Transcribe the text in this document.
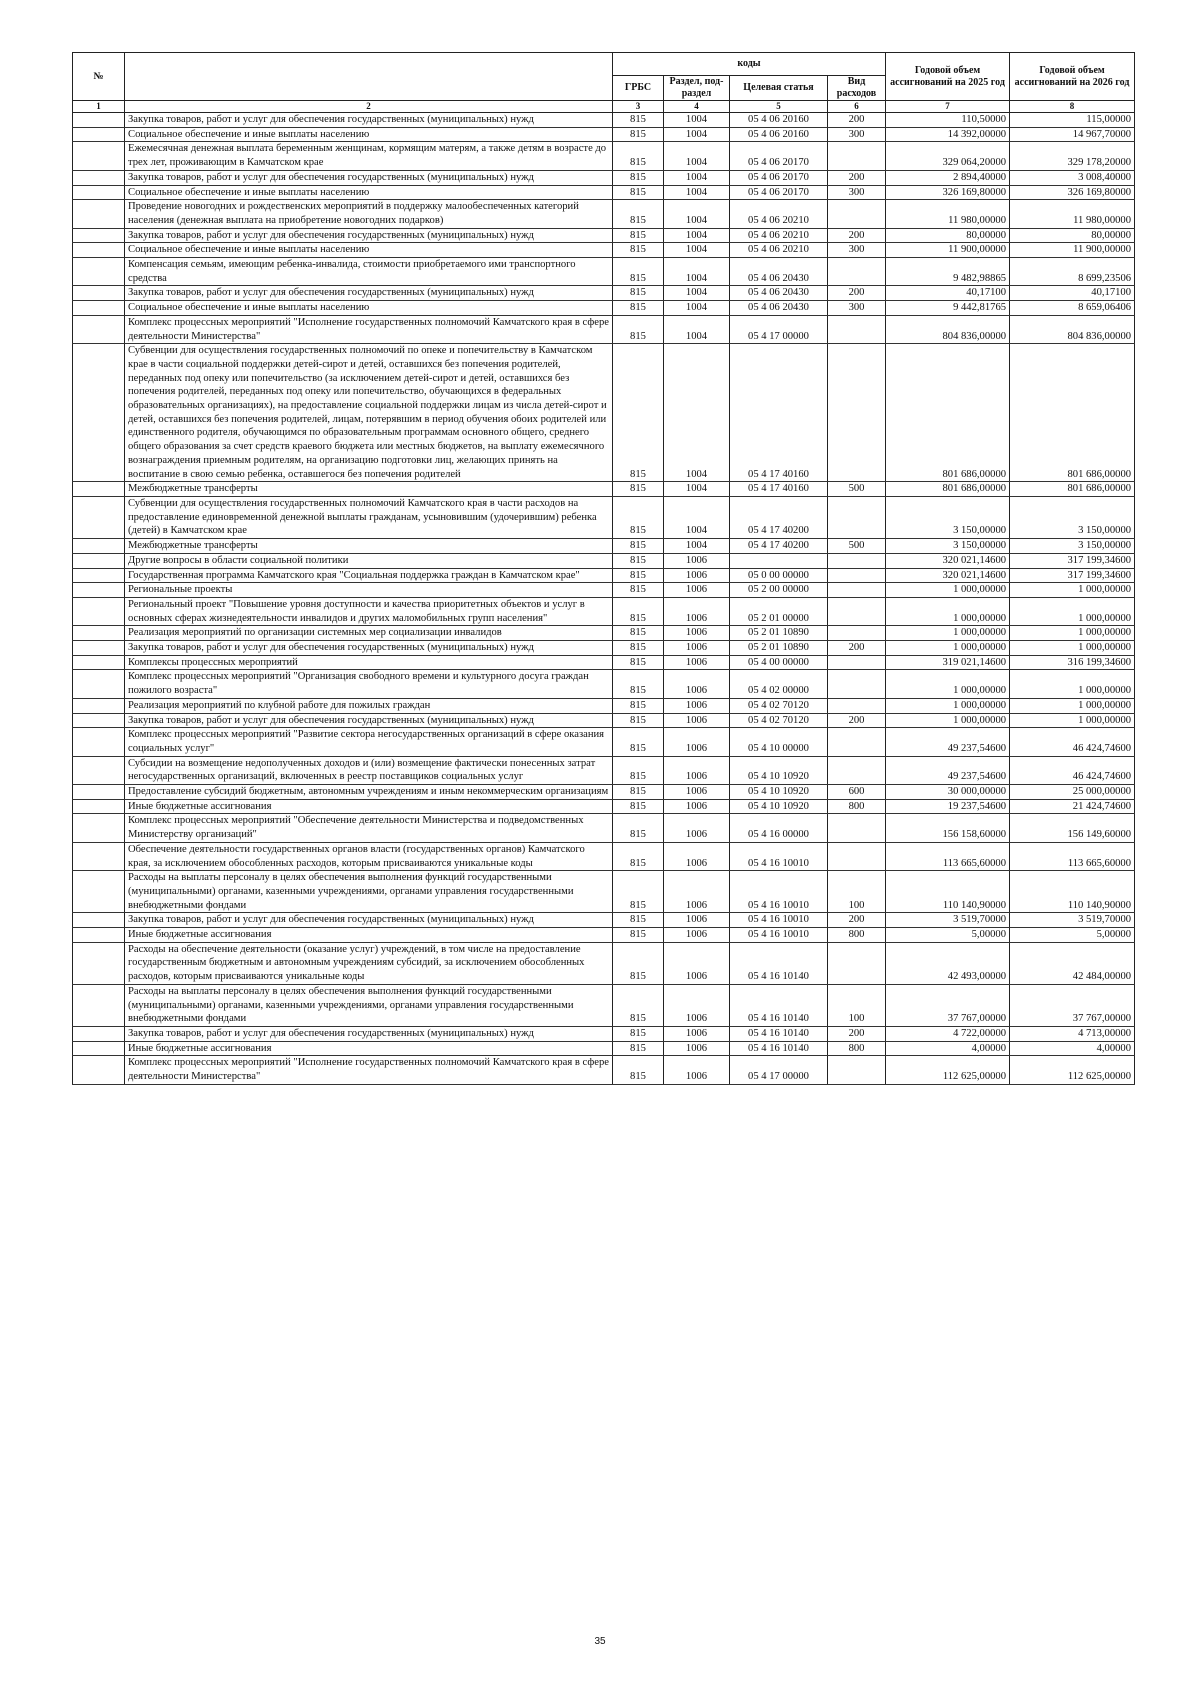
№		коды				Годовой объем ассигнований на 2025 год	Годовой объем ассигнований на 2026 год
		ГРБС	Раздел, под-раздел	Целевая статья	Вид расходов		
1	2	3	4	5	6	7	8
	Закупка товаров, работ и услуг для обеспечения государственных (муниципальных) нужд	815	1004	05 4 06 20160	200	110,50000	115,00000
	Социальное обеспечение и иные выплаты населению	815	1004	05 4 06 20160	300	14 392,00000	14 967,70000
	Ежемесячная денежная выплата беременным женщинам, кормящим матерям, а также детям в возрасте до трех лет, проживающим в Камчатском крае	815	1004	05 4 06 20170		329 064,20000	329 178,20000
	Закупка товаров, работ и услуг для обеспечения государственных (муниципальных) нужд	815	1004	05 4 06 20170	200	2 894,40000	3 008,40000
	Социальное обеспечение и иные выплаты населению	815	1004	05 4 06 20170	300	326 169,80000	326 169,80000
	Проведение новогодних и рождественских мероприятий в поддержку малообеспеченных категорий населения (денежная выплата на приобретение новогодних подарков)	815	1004	05 4 06 20210		11 980,00000	11 980,00000
	Закупка товаров, работ и услуг для обеспечения государственных (муниципальных) нужд	815	1004	05 4 06 20210	200	80,00000	80,00000
	Социальное обеспечение и иные выплаты населению	815	1004	05 4 06 20210	300	11 900,00000	11 900,00000
	Компенсация семьям, имеющим ребенка-инвалида, стоимости приобретаемого ими транспортного средства	815	1004	05 4 06 20430		9 482,98865	8 699,23506
	Закупка товаров, работ и услуг для обеспечения государственных (муниципальных) нужд	815	1004	05 4 06 20430	200	40,17100	40,17100
	Социальное обеспечение и иные выплаты населению	815	1004	05 4 06 20430	300	9 442,81765	8 659,06406
	Комплекс процессных мероприятий "Исполнение государственных полномочий Камчатского края в сфере деятельности Министерства"	815	1004	05 4 17 00000		804 836,00000	804 836,00000
	Субвенции для осуществления государственных полномочий по опеке и попечительству в Камчатском крае в части социальной поддержки детей-сирот и детей, оставшихся без попечения родителей, переданных под опеку или попечительство (за исключением детей-сирот и детей, оставшихся без попечения родителей, переданных под опеку или попечительство, обучающихся в федеральных образовательных организациях), на предоставление социальной поддержки лицам из числа детей-сирот и детей, оставшихся без попечения родителей, лицам, потерявшим в период обучения обоих родителей или единственного родителя, обучающимся по образовательным программам основного общего, среднего общего образования за счет средств краевого бюджета или местных бюджетов, на выплату ежемесячного вознаграждения приемным родителям, на организацию подготовки лиц, желающих принять на воспитание в свою семью ребенка, оставшегося без попечения родителей	815	1004	05 4 17 40160		801 686,00000	801 686,00000
	Межбюджетные трансферты	815	1004	05 4 17 40160	500	801 686,00000	801 686,00000
	Субвенции для осуществления государственных полномочий Камчатского края в части расходов на предоставление единовременной денежной выплаты гражданам, усыновившим (удочерившим) ребенка (детей) в Камчатском крае	815	1004	05 4 17 40200		3 150,00000	3 150,00000
	Межбюджетные трансферты	815	1004	05 4 17 40200	500	3 150,00000	3 150,00000
	Другие вопросы в области социальной политики	815	1006			320 021,14600	317 199,34600
	Государственная программа Камчатского края "Социальная поддержка граждан в Камчатском крае"	815	1006	05 0 00 00000		320 021,14600	317 199,34600
	Региональные проекты	815	1006	05 2 00 00000		1 000,00000	1 000,00000
	Региональный проект "Повышение уровня доступности и качества приоритетных объектов и услуг в основных сферах жизнедеятельности инвалидов и других маломобильных групп населения"	815	1006	05 2 01 00000		1 000,00000	1 000,00000
	Реализация мероприятий по организации системных мер социализации инвалидов	815	1006	05 2 01 10890		1 000,00000	1 000,00000
	Закупка товаров, работ и услуг для обеспечения государственных (муниципальных) нужд	815	1006	05 2 01 10890	200	1 000,00000	1 000,00000
	Комплексы процессных мероприятий	815	1006	05 4 00 00000		319 021,14600	316 199,34600
	Комплекс процессных мероприятий "Организация свободного времени и культурного досуга граждан пожилого возраста"	815	1006	05 4 02 00000		1 000,00000	1 000,00000
	Реализация мероприятий по клубной работе для пожилых граждан	815	1006	05 4 02 70120		1 000,00000	1 000,00000
	Закупка товаров, работ и услуг для обеспечения государственных (муниципальных) нужд	815	1006	05 4 02 70120	200	1 000,00000	1 000,00000
	Комплекс процессных мероприятий "Развитие сектора негосударственных организаций в сфере оказания социальных услуг"	815	1006	05 4 10 00000		49 237,54600	46 424,74600
	Субсидии на возмещение недополученных доходов и (или) возмещение фактически понесенных затрат негосударственных организаций, включенных в реестр поставщиков социальных услуг	815	1006	05 4 10 10920		49 237,54600	46 424,74600
	Предоставление субсидий бюджетным, автономным учреждениям и иным некоммерческим организациям	815	1006	05 4 10 10920	600	30 000,00000	25 000,00000
	Иные бюджетные ассигнования	815	1006	05 4 10 10920	800	19 237,54600	21 424,74600
	Комплекс процессных мероприятий "Обеспечение деятельности Министерства и подведомственных Министерству организаций"	815	1006	05 4 16 00000		156 158,60000	156 149,60000
	Обеспечение деятельности государственных органов власти (государственных органов) Камчатского края, за исключением обособленных расходов, которым присваиваются уникальные коды	815	1006	05 4 16 10010		113 665,60000	113 665,60000
	Расходы на выплаты персоналу в целях обеспечения выполнения функций государственными (муниципальными) органами, казенными учреждениями, органами управления государственными внебюджетными фондами	815	1006	05 4 16 10010	100	110 140,90000	110 140,90000
	Закупка товаров, работ и услуг для обеспечения государственных (муниципальных) нужд	815	1006	05 4 16 10010	200	3 519,70000	3 519,70000
	Иные бюджетные ассигнования	815	1006	05 4 16 10010	800	5,00000	5,00000
	Расходы на обеспечение деятельности (оказание услуг) учреждений, в том числе на предоставление государственным бюджетным и автономным учреждениям субсидий, за исключением обособленных расходов, которым присваиваются уникальные коды	815	1006	05 4 16 10140		42 493,00000	42 484,00000
	Расходы на выплаты персоналу в целях обеспечения выполнения функций государственными (муниципальными) органами, казенными учреждениями, органами управления государственными внебюджетными фондами	815	1006	05 4 16 10140	100	37 767,00000	37 767,00000
	Закупка товаров, работ и услуг для обеспечения государственных (муниципальных) нужд	815	1006	05 4 16 10140	200	4 722,00000	4 713,00000
	Иные бюджетные ассигнования	815	1006	05 4 16 10140	800	4,00000	4,00000
	Комплекс процессных мероприятий "Исполнение государственных полномочий Камчатского края в сфере деятельности Министерства"	815	1006	05 4 17 00000		112 625,00000	112 625,00000
35
